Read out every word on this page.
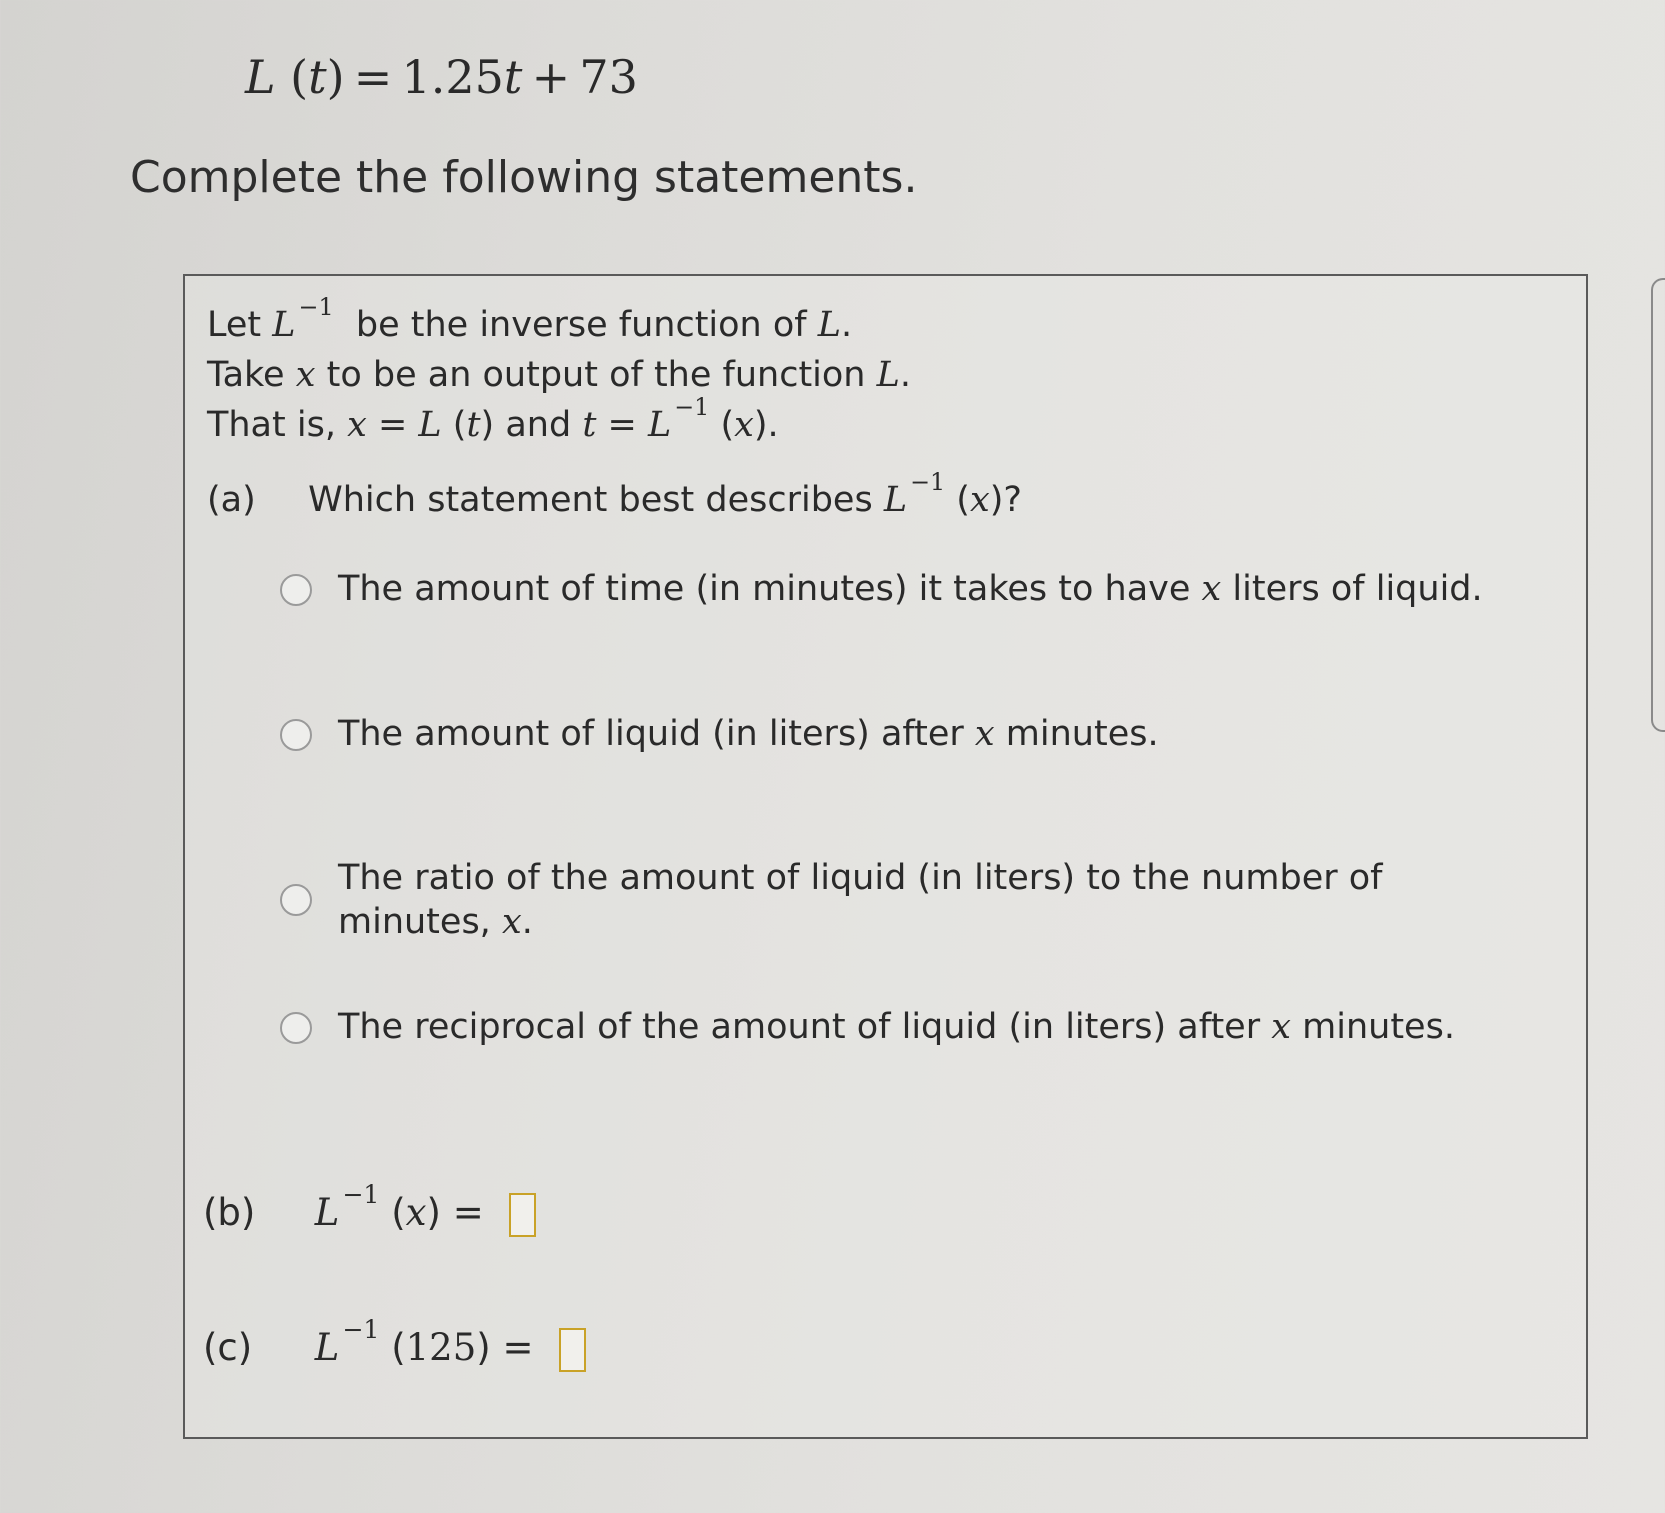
L (t) = 1.25t + 73
Complete the following statements.
Let L $^{-1}$ be the inverse function of L.
Take x to be an output of the function L.
That is, x = L (t) and t = L $^{-1}$ (x).
(a) Which statement best describes L $^{-1}$ (x)?
The amount of time (in minutes) it takes to have x liters of liquid.
The amount of liquid (in liters) after x minutes.
The ratio of the amount of liquid (in liters) to the number of
minutes, x.
The reciprocal of the amount of liquid (in liters) after x minutes.
(b) L $^{-1}$ (x) =
(c) L $^{-1}$ (125) =
